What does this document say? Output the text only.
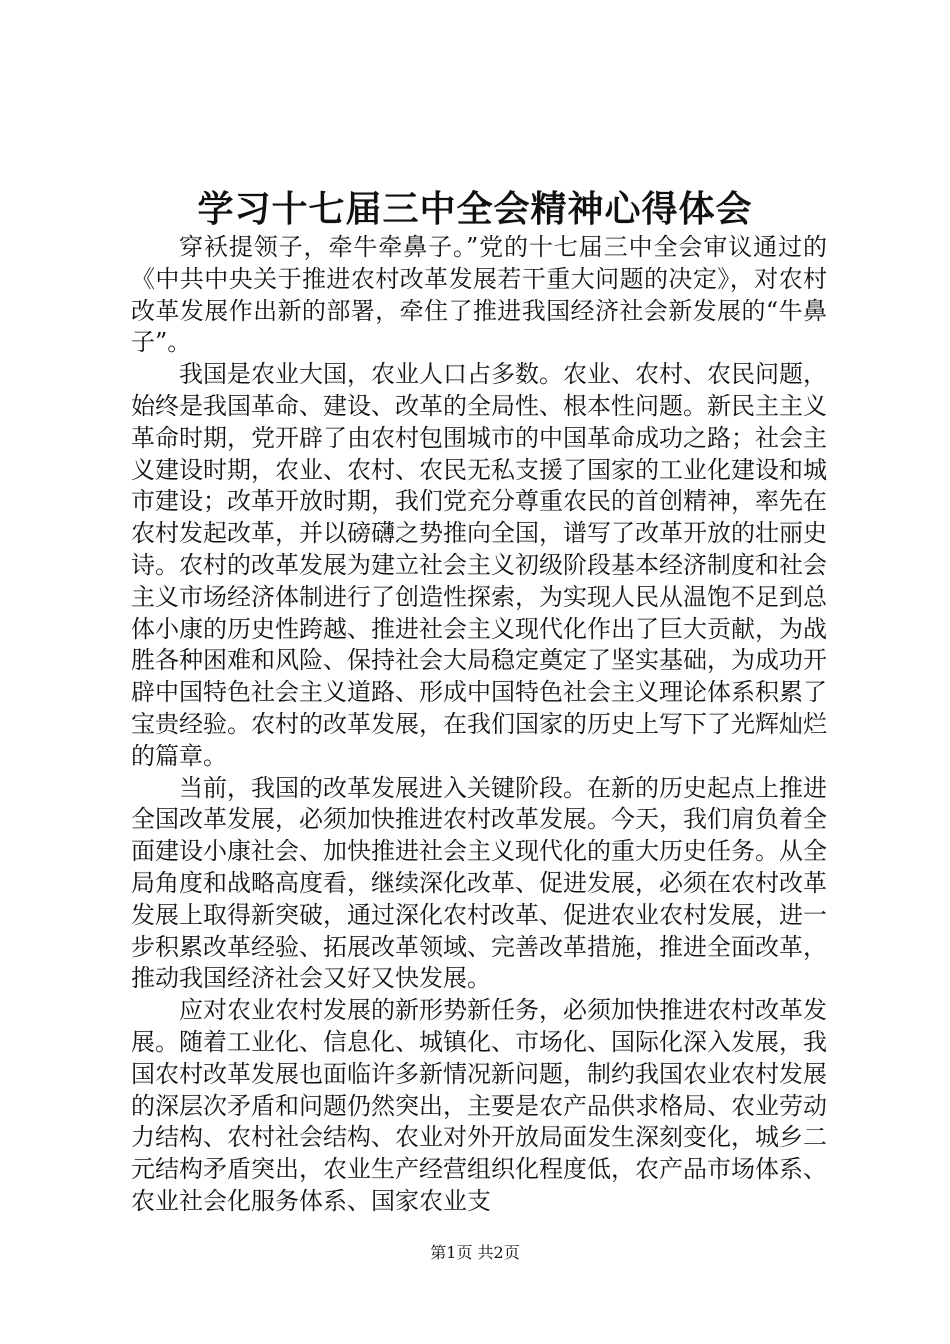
学习十七届三中全会精神心得体会

穿袄提领子，牵牛牵鼻子。”党的十七届三中全会审议通过的《中共中央关于推进农村改革发展若干重大问题的决定》，对农村改革发展作出新的部署，牵住了推进我国经济社会新发展的“牛鼻子”。

我国是农业大国，农业人口占多数。农业、农村、农民问题，始终是我国革命、建设、改革的全局性、根本性问题。新民主主义革命时期，党开辟了由农村包围城市的中国革命成功之路；社会主义建设时期，农业、农村、农民无私支援了国家的工业化建设和城市建设；改革开放时期，我们党充分尊重农民的首创精神，率先在农村发起改革，并以磅礴之势推向全国，谱写了改革开放的壮丽史诗。农村的改革发展为建立社会主义初级阶段基本经济制度和社会主义市场经济体制进行了创造性探索，为实现人民从温饱不足到总体小康的历史性跨越、推进社会主义现代化作出了巨大贡献，为战胜各种困难和风险、保持社会大局稳定奠定了坚实基础，为成功开辟中国特色社会主义道路、形成中国特色社会主义理论体系积累了宝贵经验。农村的改革发展，在我们国家的历史上写下了光辉灿烂的篇章。

当前，我国的改革发展进入关键阶段。在新的历史起点上推进全国改革发展，必须加快推进农村改革发展。今天，我们肩负着全面建设小康社会、加快推进社会主义现代化的重大历史任务。从全局角度和战略高度看，继续深化改革、促进发展，必须在农村改革发展上取得新突破，通过深化农村改革、促进农业农村发展，进一步积累改革经验、拓展改革领域、完善改革措施，推进全面改革，推动我国经济社会又好又快发展。

应对农业农村发展的新形势新任务，必须加快推进农村改革发展。随着工业化、信息化、城镇化、市场化、国际化深入发展，我国农村改革发展也面临许多新情况新问题，制约我国农业农村发展的深层次矛盾和问题仍然突出，主要是农产品供求格局、农业劳动力结构、农村社会结构、农业对外开放局面发生深刻变化，城乡二元结构矛盾突出，农业生产经营组织化程度低，农产品市场体系、农业社会化服务体系、国家农业支

第1页 共2页
